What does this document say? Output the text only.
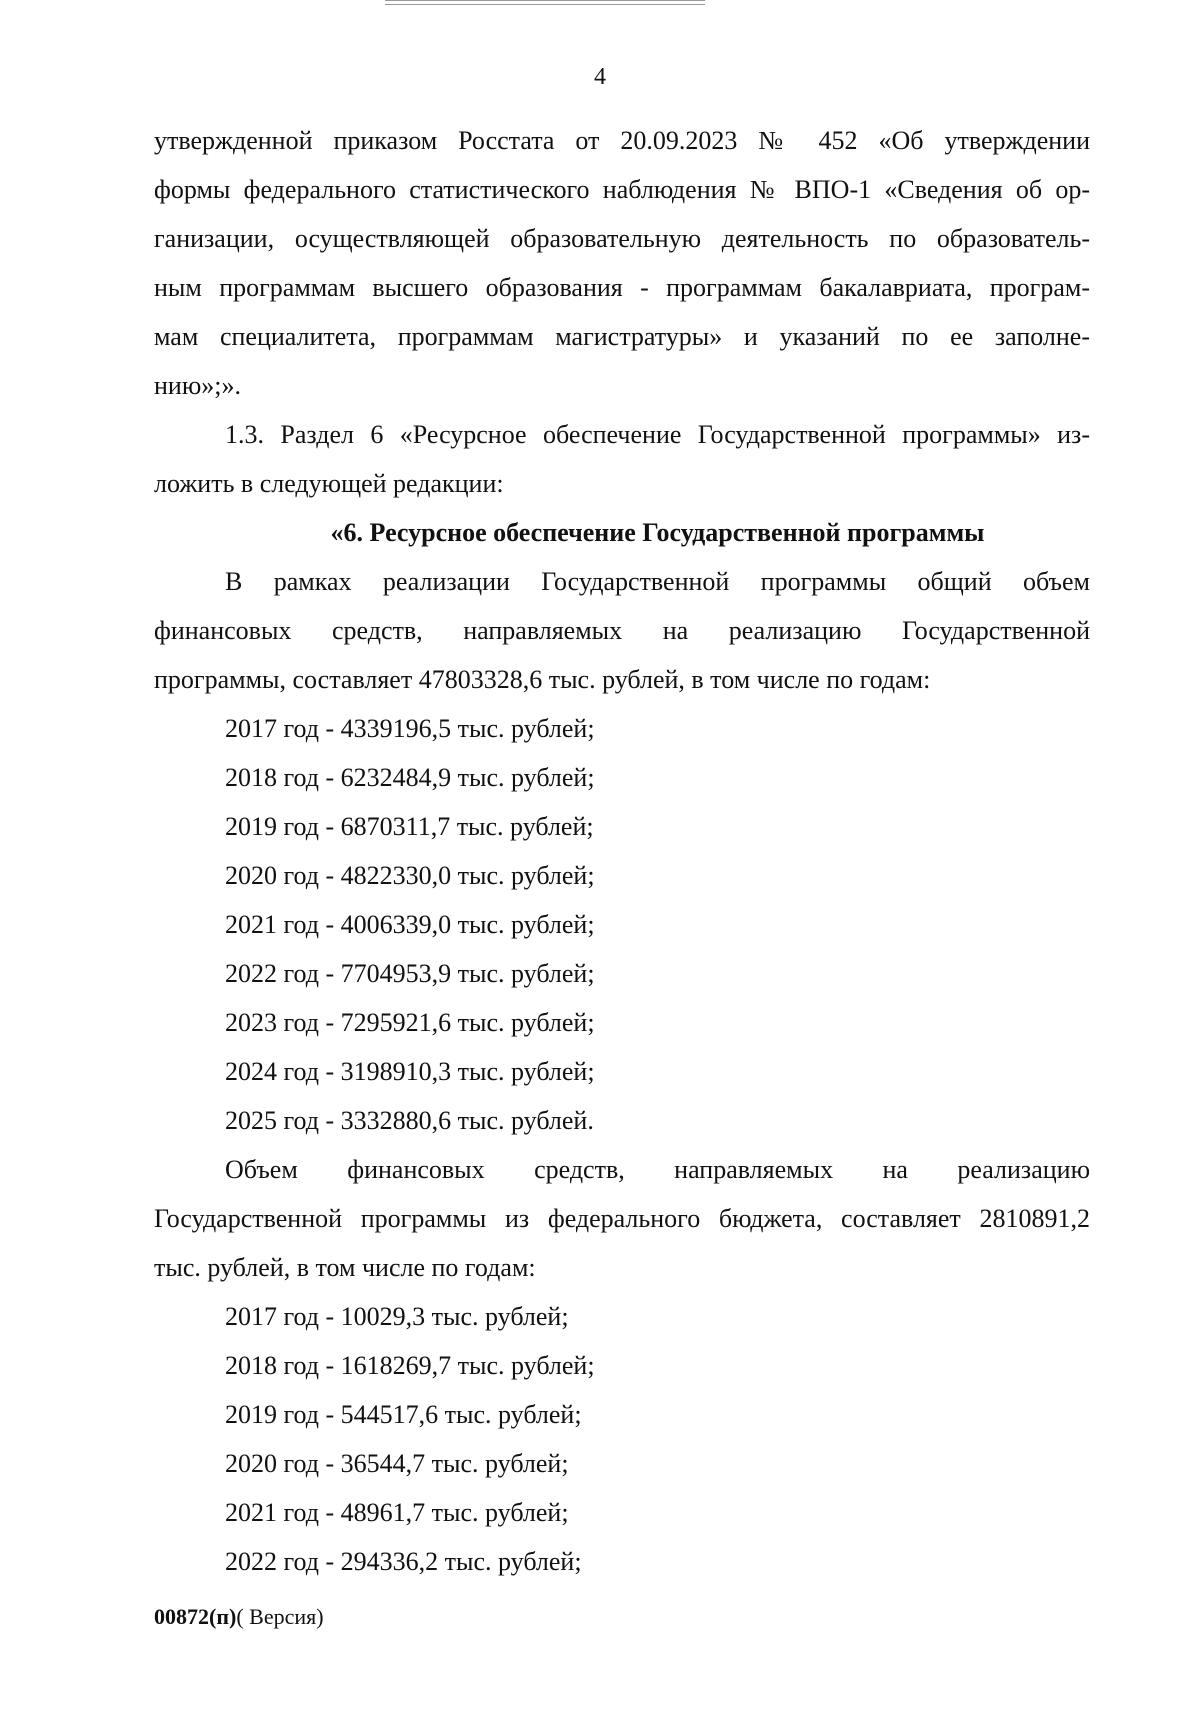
4

утвержденной приказом Росстата от 20.09.2023 № 452 «Об утверждении

формы федерального статистического наблюдения № ВПО-1 «Сведения об ор-

ганизации, осуществляющей образовательную деятельность по образователь-

ным программам высшего образования - программам бакалавриата, програм-

мам специалитета, программам магистратуры» и указаний по ее заполне-

нию»;».

1.3. Раздел 6 «Ресурсное обеспечение Государственной программы» из-

ложить в следующей редакции:

«6. Ресурсное обеспечение Государственной программы

В рамках реализации Государственной программы общий объем

финансовых средств, направляемых на реализацию Государственной

программы, составляет 47803328,6 тыс. рублей, в том числе по годам:

2017 год - 4339196,5 тыс. рублей;

2018 год - 6232484,9 тыс. рублей;

2019 год - 6870311,7 тыс. рублей;

2020 год - 4822330,0 тыс. рублей;

2021 год - 4006339,0 тыс. рублей;

2022 год - 7704953,9 тыс. рублей;

2023 год - 7295921,6 тыс. рублей;

2024 год - 3198910,3 тыс. рублей;

2025 год - 3332880,6 тыс. рублей.

Объем финансовых средств, направляемых на реализацию

Государственной программы из федерального бюджета, составляет 2810891,2

тыс. рублей, в том числе по годам:

2017 год - 10029,3 тыс. рублей;

2018 год - 1618269,7 тыс. рублей;

2019 год - 544517,6 тыс. рублей;

2020 год - 36544,7 тыс. рублей;

2021 год - 48961,7 тыс. рублей;

2022 год - 294336,2 тыс. рублей;

00872(п)( Версия)
